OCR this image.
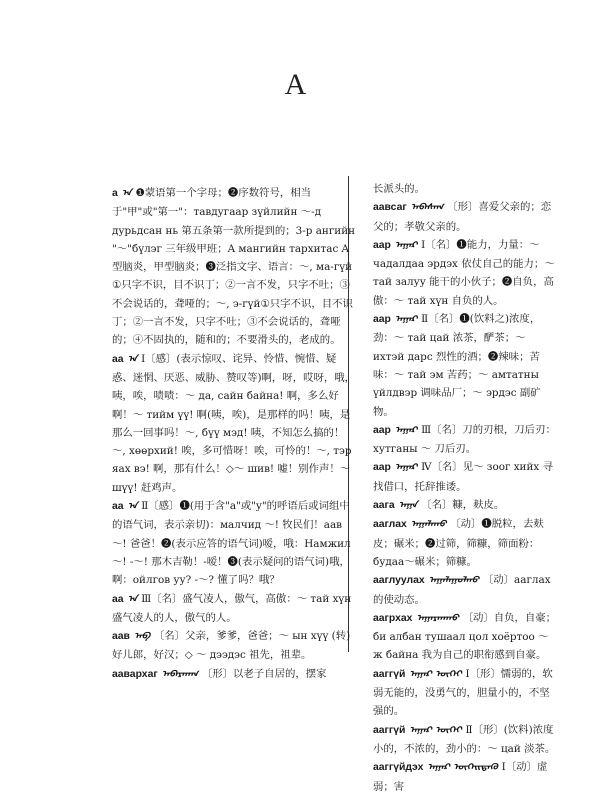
A
a ᠠ ❶蒙语第一个字母；❷序数符号，相当于"甲"或"第一"：тавдугаар зүйлийн ～-д дурьдсан нь 第五条第一款所提到的；3-р ангийн "～"бүлэг 三年级甲班；A мангийн тархитас A 型脑炎，甲型脑炎；❸泛指文字、语言：～, ма-гүй ①只字不识，目不识丁；②一言不发，只字不吐；③不会说话的，聋哑的；～, э-гүй①只字不识，目不识丁；②一言不发，只字不吐；③不会说话的，聋哑的；④不固执的，随和的；不要滑头的，老成的。
aa ᠠ᠋ᠠ Ⅰ〔感〕(表示惊叹、诧异、怜惜、惋惜、疑惑、迷惘、厌恶、威胁、赞叹等)啊，呀，哎呀，哦，咦，唉，啧啧：～ да, сайн байна! 啊，多么好啊！～ тийм үү! 啊(咦，唉)，是那样的吗！咦，是那么一回事吗！～, бүү мэд! 咦，不知怎么搞的！～, хөөрхий! 唉，多可惜呀！唉，可怜的！～, тэр яах вэ! 啊，那有什么！◇～ шив! 嘘！别作声！～ шүү! 赶鸡声。
aa ᠠ Ⅱ〔感〕❶(用于含"a"或"y"的呼语后或词组中的语气词，表示亲切)：малчид ～! 牧民们！аав ～! 爸爸！❷(表示应答的语气词)嗳，哦：Намжил ～! -～! 那木吉勒！-嗳！❸(表示疑问的语气词)哦，啊：ойлгов уу? -～? 懂了吗？哦？
aa ᠠ Ⅲ〔名〕盛气凌人，傲气，高傲：～ тай хүн 盛气凌人的人，傲气的人。
аав ᠠᠪ 〔名〕父亲，爹爹，爸爸；～ ын хүү (转)好儿郎，好汉；◇ ～ дээдэс 祖先，祖辈。
аавархаг ᠠᠪᠠᠷᠬᠠᠭ 〔形〕以老子自居的，摆家
长派头的。
аавсаг ᠠᠪᠠᠰᠠᠭ 〔形〕喜爱父亲的；恋父的；孝敬父亲的。
аар ᠠᠭᠠᠷ Ⅰ〔名〕❶能力，力量：～ чадалдаа эрдэх 依仗自己的能力；～ тай залуу 能干的小伙子；❷自负，高傲：～ тай хүн 自负的人。
аар ᠠᠭᠠᠷ Ⅱ〔名〕❶(饮料之)浓度，劲：～ тай цай 浓茶，酽茶；～ ихтэй дарс 烈性的酒；❷辣味；苦味：～ тай эм 苦药；～ амтатны үйлдвэр 调味品厂；～ эрдэс 副矿物。
аар ᠠᠭᠠᠷ Ⅲ〔名〕刀的刃根，刀后刃：хутганы ～ 刀后刃。
аар ᠠᠭᠠᠷ Ⅳ〔名〕见～ зоог хийх 寻找借口，托辞推诿。
аага ᠠᠭᠠ 〔名〕糠，麸皮。
ааглах ᠠᠭᠠᠯᠠᠬᠤ 〔动〕❶脱粒，去麸皮；碾米；❷过筛，筛糠，筛面粉：будаа～碾米；筛糠。
ааглуулах ᠠᠭᠠᠯᠠᠭᠤᠯᠬᠤ 〔动〕ааглах 的使动态。
аагрхах ᠠᠭᠠᠷᠬᠠᠬᠤ 〔动〕自负，自豪；би албан тушаал цол хоёртоо ～ж байна 我为自己的职衔感到自豪。
ааггүй ᠠᠭᠠᠷ ᠦᠭᠡᠢ Ⅰ〔形〕懦弱的，软弱无能的，没勇气的，胆量小的，不坚强的。
ааггүй ᠠᠭᠠᠷ ᠦᠭᠡᠢ Ⅱ〔形〕(饮料)浓度小的，不浓的，劲小的：～ цай 淡茶。
ааггүйдэх ᠠᠭᠠᠷ ᠦᠭᠡᠢᠳᠡᠬᠦ Ⅰ〔动〕虚弱；害
